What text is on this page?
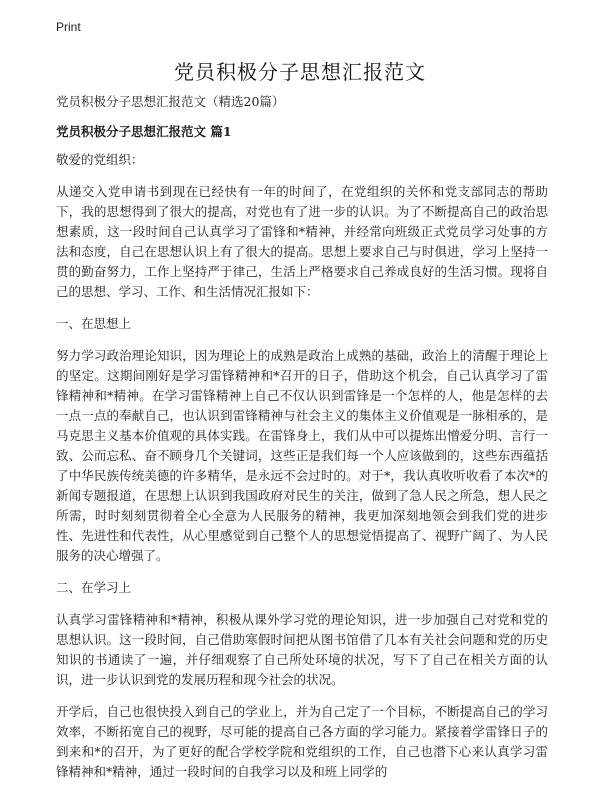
Print
党员积极分子思想汇报范文

党员积极分子思想汇报范文（精选20篇）

党员积极分子思想汇报范文 篇1

敬爱的党组织：

从递交入党申请书到现在已经快有一年的时间了，在党组织的关怀和党支部同志的帮助下，我的思想得到了很大的提高，对党也有了进一步的认识。为了不断提高自己的政治思想素质，这一段时间自己认真学习了雷锋和*精神，并经常向班级正式党员学习处事的方法和态度，自己在思想认识上有了很大的提高。思想上要求自己与时俱进，学习上坚持一贯的勤奋努力，工作上坚持严于律己，生活上严格要求自己养成良好的生活习惯。现将自己的思想、学习、工作、和生活情况汇报如下：

一、在思想上

努力学习政治理论知识，因为理论上的成熟是政治上成熟的基础，政治上的清醒于理论上的坚定。这期间刚好是学习雷锋精神和*召开的日子，借助这个机会，自己认真学习了雷锋精神和*精神。在学习雷锋精神上自己不仅认识到雷锋是一个怎样的人，他是怎样的去一点一点的奉献自己，也认识到雷锋精神与社会主义的集体主义价值观是一脉相承的，是马克思主义基本价值观的具体实践。在雷锋身上，我们从中可以提炼出憎爱分明、言行一致、公而忘私、奋不顾身几个关键词，这些正是我们每一个人应该做到的，这些东西蕴括了中华民族传统美德的许多精华，是永远不会过时的。对于*，我认真收听收看了本次*的新闻专题报道，在思想上认识到我国政府对民生的关注，做到了急人民之所急，想人民之所需，时时刻刻贯彻着全心全意为人民服务的精神，我更加深刻地领会到我们党的进步性、先进性和代表性，从心里感觉到自己整个人的思想觉悟提高了、视野广阔了、为人民服务的决心增强了。

二、在学习上

认真学习雷锋精神和*精神，积极从课外学习党的理论知识，进一步加强自己对党和党的思想认识。这一段时间，自己借助寒假时间把从图书馆借了几本有关社会问题和党的历史知识的书通读了一遍，并仔细观察了自己所处环境的状况，写下了自己在相关方面的认识，进一步认识到党的发展历程和现今社会的状况。

开学后，自己也很快投入到自己的学业上，并为自己定了一个目标，不断提高自己的学习效率，不断拓宽自己的视野，尽可能的提高自己各方面的学习能力。紧接着学雷锋日子的到来和*的召开，为了更好的配合学校学院和党组织的工作，自己也潜下心来认真学习雷锋精神和*精神，通过一段时间的自我学习以及和班上同学的
